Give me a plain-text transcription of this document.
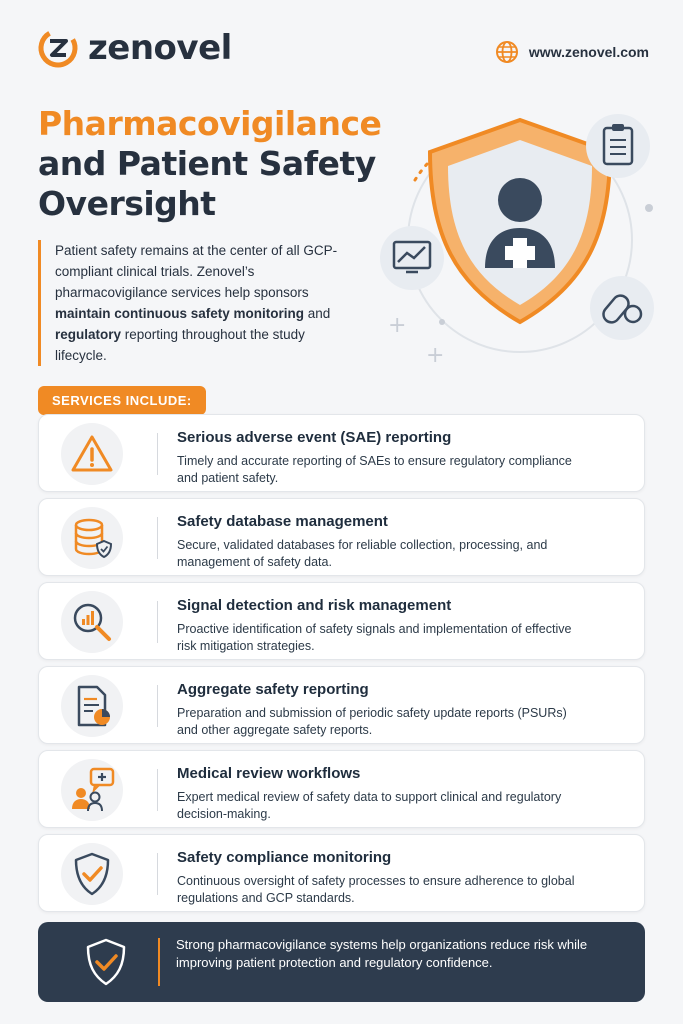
zenovel	www.zenovel.com
Pharmacovigilance
and Patient Safety
Oversight

Patient safety remains at the center of all GCP-compliant clinical trials. Zenovel’s pharmacovigilance services help sponsors maintain continuous safety monitoring and regulatory reporting throughout the study lifecycle.

+
+
SERVICES INCLUDE:
Serious adverse event (SAE) reporting
Timely and accurate reporting of SAEs to ensure regulatory compliance and patient safety.
Safety database management
Secure, validated databases for reliable collection, processing, and management of safety data.
Signal detection and risk management
Proactive identification of safety signals and implementation of effective risk mitigation strategies.
Aggregate safety reporting
Preparation and submission of periodic safety update reports (PSURs) and other aggregate safety reports.
Medical review workflows
Expert medical review of safety data to support clinical and regulatory decision-making.
Safety compliance monitoring
Continuous oversight of safety processes to ensure adherence to global regulations and GCP standards.
Strong pharmacovigilance systems help organizations reduce risk while improving patient protection and regulatory confidence.
